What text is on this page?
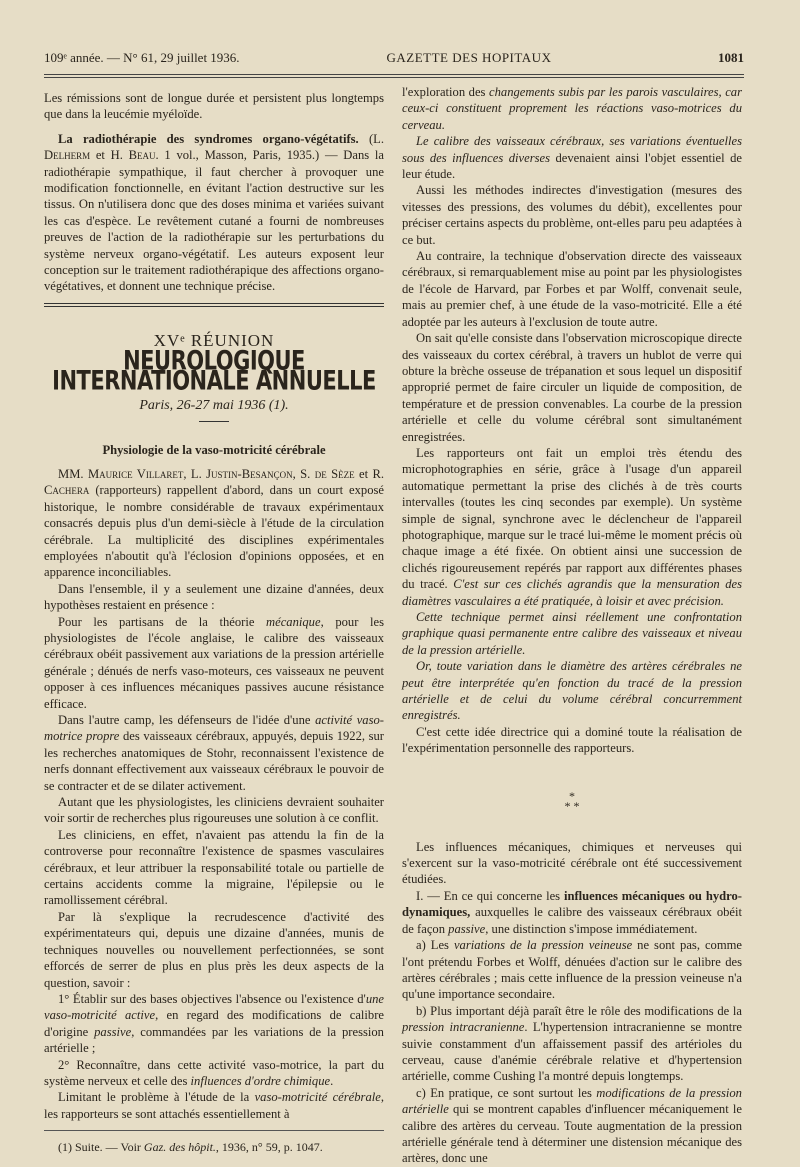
109ᵉ année. — N° 61, 29 juillet 1936.	GAZETTE DES HOPITAUX	1081

Les rémissions sont de longue durée et persistent plus longtemps que dans la leucémie myéloïde.

La radiothérapie des syndromes organo-végétatifs. (L. Delherm et H. Beau. 1 vol., Masson, Paris, 1935.) — Dans la radiothérapie sympathique, il faut chercher à provoquer une modification fonctionnelle, en évitant l'action destructive sur les tissus. On n'utilisera donc que des doses minima et variées suivant les cas d'espèce. Le revêtement cutané a fourni de nombreuses preuves de l'action de la radiothérapie sur les perturbations du système nerveux organo-végétatif. Les auteurs exposent leur conception sur le traitement radiothérapique des affections organo-végétatives, et donnent une technique précise.

XVᵉ RÉUNION
NEUROLOGIQUE INTERNATIONALE ANNUELLE
Paris, 26-27 mai 1936 (1).
Physiologie de la vaso-motricité cérébrale

MM. Maurice Villaret, L. Justin-Besançon, S. de Sèze et R. Cachera (rapporteurs) rappellent d'abord, dans un court exposé historique, le nombre considérable de travaux expérimentaux consacrés depuis plus d'un demi-siècle à l'étude de la circulation cérébrale. La multiplicité des disciplines expérimentales employées n'aboutit qu'à l'éclosion d'opinions opposées, et en apparence inconciliables.

Dans l'ensemble, il y a seulement une dizaine d'années, deux hypothèses restaient en présence :

Pour les partisans de la théorie mécanique, pour les physiologistes de l'école anglaise, le calibre des vaisseaux cérébraux obéit passivement aux variations de la pression artérielle générale ; dénués de nerfs vaso-moteurs, ces vaisseaux ne peuvent opposer à ces influences mécaniques passives aucune résistance efficace.

Dans l'autre camp, les défenseurs de l'idée d'une activité vaso-motrice propre des vaisseaux cérébraux, appuyés, depuis 1922, sur les recherches anatomiques de Stohr, reconnaissent l'existence de nerfs donnant effectivement aux vaisseaux cérébraux le pouvoir de se contracter et de se dilater activement.

Autant que les physiologistes, les cliniciens devraient souhaiter voir sortir de recherches plus rigoureuses une solution à ce conflit.

Les cliniciens, en effet, n'avaient pas attendu la fin de la controverse pour reconnaître l'existence de spasmes vasculaires cérébraux, et leur attribuer la responsabilité totale ou partielle de certains accidents comme la migraine, l'épilepsie ou le ramollissement cérébral.

Par là s'explique la recrudescence d'activité des expérimentateurs qui, depuis une dizaine d'années, munis de techniques nouvelles ou nouvellement perfectionnées, se sont efforcés de serrer de plus en plus près les deux aspects de la question, savoir :

1° Établir sur des bases objectives l'absence ou l'existence d'une vaso-motricité active, en regard des modifications de calibre d'origine passive, commandées par les variations de la pression artérielle ;

2° Reconnaître, dans cette activité vaso-motrice, la part du système nerveux et celle des influences d'ordre chimique.

Limitant le problème à l'étude de la vaso-motricité cérébrale, les rapporteurs se sont attachés essentiellement à

(1) Suite. — Voir Gaz. des hôpit., 1936, n° 59, p. 1047.

l'exploration des changements subis par les parois vasculaires, car ceux-ci constituent proprement les réactions vaso-motrices du cerveau.

Le calibre des vaisseaux cérébraux, ses variations éventuelles sous des influences diverses devenaient ainsi l'objet essentiel de leur étude.

Aussi les méthodes indirectes d'investigation (mesures des vitesses des pressions, des volumes du débit), excellentes pour préciser certains aspects du problème, ont-elles paru peu adaptées à ce but.

Au contraire, la technique d'observation directe des vaisseaux cérébraux, si remarquablement mise au point par les physiologistes de l'école de Harvard, par Forbes et par Wolff, convenait seule, mais au premier chef, à une étude de la vaso-motricité. Elle a été adoptée par les auteurs à l'exclusion de toute autre.

On sait qu'elle consiste dans l'observation microscopique directe des vaisseaux du cortex cérébral, à travers un hublot de verre qui obture la brèche osseuse de trépanation et sous lequel un dispositif approprié permet de faire circuler un liquide de composition, de température et de pression convenables. La courbe de la pression artérielle et celle du volume cérébral sont simultanément enregistrées.

Les rapporteurs ont fait un emploi très étendu des microphotographies en série, grâce à l'usage d'un appareil automatique permettant la prise des clichés à de très courts intervalles (toutes les cinq secondes par exemple). Un système simple de signal, synchrone avec le déclencheur de l'appareil photographique, marque sur le tracé lui-même le moment précis où chaque image a été fixée. On obtient ainsi une succession de clichés rigoureusement repérés par rapport aux différentes phases du tracé. C'est sur ces clichés agrandis que la mensuration des diamètres vasculaires a été pratiquée, à loisir et avec précision.

Cette technique permet ainsi réellement une confrontation graphique quasi permanente entre calibre des vaisseaux et niveau de la pression artérielle.

Or, toute variation dans le diamètre des artères cérébrales ne peut être interprétée qu'en fonction du tracé de la pression artérielle et de celui du volume cérébral concurremment enregistrés.

C'est cette idée directrice qui a dominé toute la réalisation de l'expérimentation personnelle des rapporteurs.

*
* *

Les influences mécaniques, chimiques et nerveuses qui s'exercent sur la vaso-motricité cérébrale ont été successivement étudiées.

I. — En ce qui concerne les influences mécaniques ou hydro-dynamiques, auxquelles le calibre des vaisseaux cérébraux obéit de façon passive, une distinction s'impose immédiatement.

a) Les variations de la pression veineuse ne sont pas, comme l'ont prétendu Forbes et Wolff, dénuées d'action sur le calibre des artères cérébrales ; mais cette influence de la pression veineuse n'a qu'une importance secondaire.

b) Plus important déjà paraît être le rôle des modifications de la pression intracranienne. L'hypertension intracranienne se montre suivie constamment d'un affaissement passif des artérioles du cerveau, cause d'anémie cérébrale relative et d'hypertension artérielle, comme Cushing l'a montré depuis longtemps.

c) En pratique, ce sont surtout les modifications de la pression artérielle qui se montrent capables d'influencer mécaniquement le calibre des artères du cerveau. Toute augmentation de la pression artérielle générale tend à déterminer une distension mécanique des artères, donc une
